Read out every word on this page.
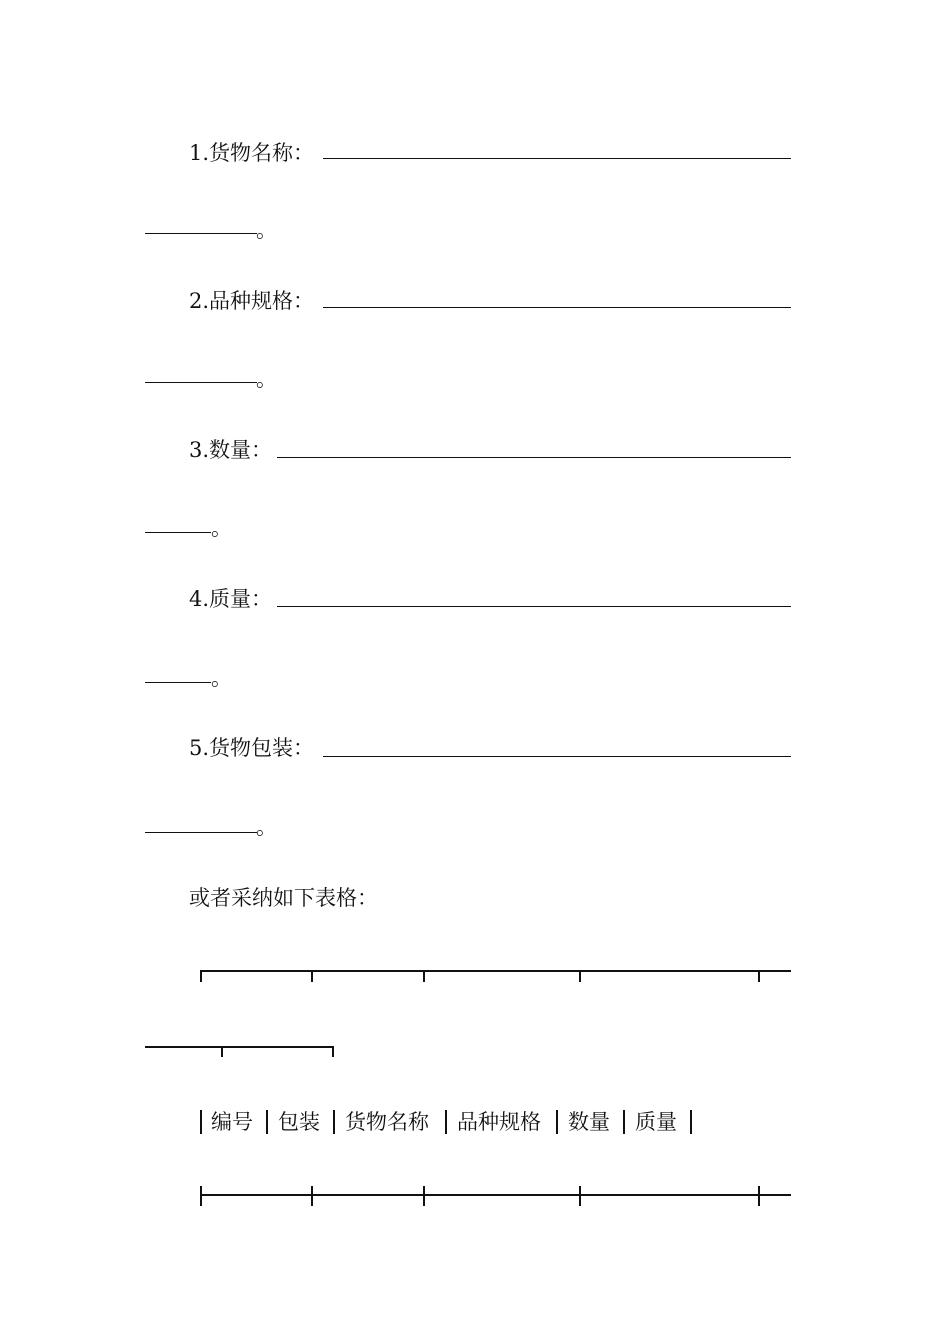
1.货物名称：
。
2.品种规格：
。
3.数量：
。
4.质量：
。
5.货物包装：
。
或者采纳如下表格：
编号 包装 货物名称 品种规格 数量 质量
